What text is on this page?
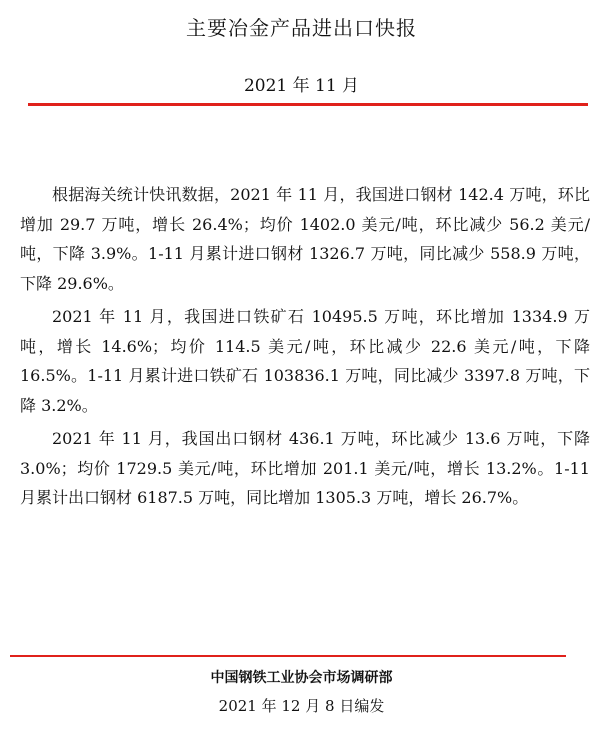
主要冶金产品进出口快报
2021 年 11 月

根据海关统计快讯数据，2021 年 11 月，我国进口钢材 142.4 万吨，环比增加 29.7 万吨，增长 26.4%；均价 1402.0 美元/吨，环比减少 56.2 美元/吨，下降 3.9%。1-11 月累计进口钢材 1326.7 万吨，同比减少 558.9 万吨，下降 29.6%。

2021 年 11 月，我国进口铁矿石 10495.5 万吨，环比增加 1334.9 万吨，增长 14.6%；均价 114.5 美元/吨，环比减少 22.6 美元/吨，下降 16.5%。1-11 月累计进口铁矿石 103836.1 万吨，同比减少 3397.8 万吨，下降 3.2%。

2021 年 11 月，我国出口钢材 436.1 万吨，环比减少 13.6 万吨，下降 3.0%；均价 1729.5 美元/吨，环比增加 201.1 美元/吨，增长 13.2%。1-11 月累计出口钢材 6187.5 万吨，同比增加 1305.3 万吨，增长 26.7%。

中国钢铁工业协会市场调研部
2021 年 12 月 8 日编发
